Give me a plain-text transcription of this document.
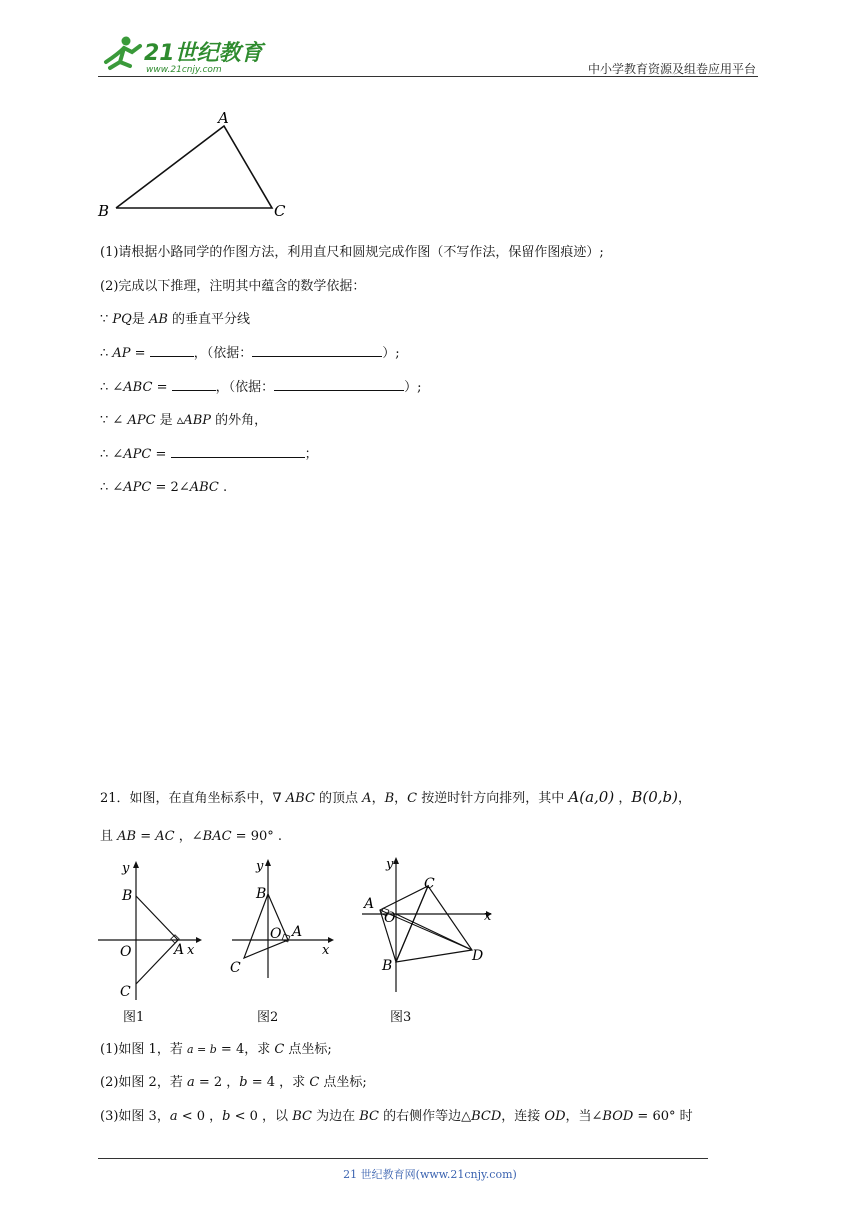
21世纪教育
www.21cnjy.com	中小学教育资源及组卷应用平台
A
B	C
(1)请根据小路同学的作图方法，利用直尺和圆规完成作图（不写作法，保留作图痕迹）;
(2)完成以下推理，注明其中蕴含的数学依据：
∵ PQ是 AB 的垂直平分线
∴ AP =	，（依据：	）;
∴ ∠ABC =	，（依据：	）;
∵ ∠ APC 是 ▵ABP 的外角，
∴ ∠APC =	；
∴ ∠APC = 2∠ABC .
21．如图，在直角坐标系中，∇ ABC 的顶点 A，B，C 按逆时针方向排列，其中 A(a,0) ，B(0,b)，
且 AB = AC ，∠BAC = 90° .
y
x
B
O	A
C
图1
y
x
B
O A
C
图2
y
x
A
O
C
B
D
图3
(1)如图 1，若 a = b = 4，求 C 点坐标;
(2)如图 2，若 a = 2 ，b = 4 ，求 C 点坐标;
(3)如图 3，a < 0 ，b < 0 ，以 BC 为边在 BC 的右侧作等边△BCD，连接 OD，当∠BOD = 60° 时
21 世纪教育网(www.21cnjy.com)
